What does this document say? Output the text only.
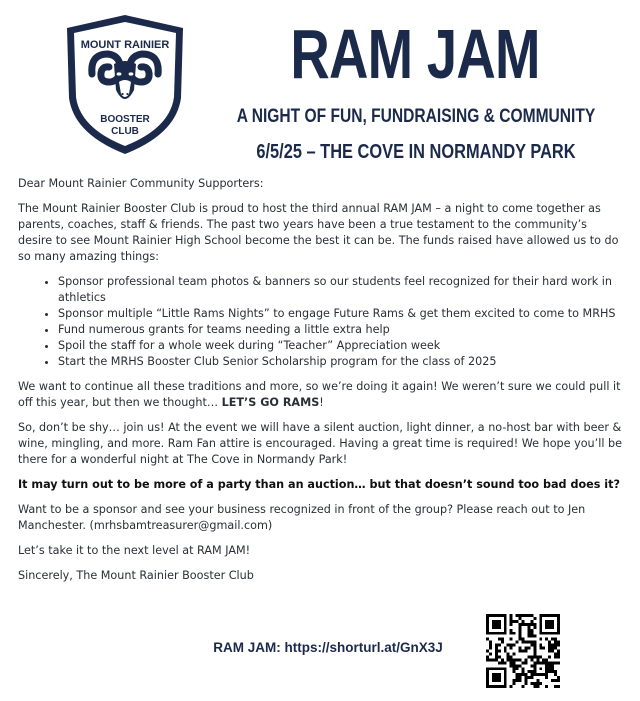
MOUNT RAINIER
BOOSTER
CLUB
RAM JAM
A NIGHT OF FUN, FUNDRAISING & COMMUNITY
6/5/25 – THE COVE IN NORMANDY PARK

Dear Mount Rainier Community Supporters:

The Mount Rainier Booster Club is proud to host the third annual RAM JAM – a night to come together as parents, coaches, staff & friends. The past two years have been a true testament to the community’s desire to see Mount Rainier High School become the best it can be. The funds raised have allowed us to do so many amazing things:

• Sponsor professional team photos & banners so our students feel recognized for their hard work in athletics
• Sponsor multiple “Little Rams Nights” to engage Future Rams & get them excited to come to MRHS
• Fund numerous grants for teams needing a little extra help
• Spoil the staff for a whole week during “Teacher” Appreciation week
• Start the MRHS Booster Club Senior Scholarship program for the class of 2025

We want to continue all these traditions and more, so we’re doing it again! We weren’t sure we could pull it off this year, but then we thought… LET’S GO RAMS!

So, don’t be shy… join us! At the event we will have a silent auction, light dinner, a no-host bar with beer & wine, mingling, and more. Ram Fan attire is encouraged. Having a great time is required! We hope you’ll be there for a wonderful night at The Cove in Normandy Park!

It may turn out to be more of a party than an auction… but that doesn’t sound too bad does it?

Want to be a sponsor and see your business recognized in front of the group? Please reach out to Jen Manchester. (mrhsbamtreasurer@gmail.com)

Let’s take it to the next level at RAM JAM!

Sincerely, The Mount Rainier Booster Club

RAM JAM: https://shorturl.at/GnX3J
